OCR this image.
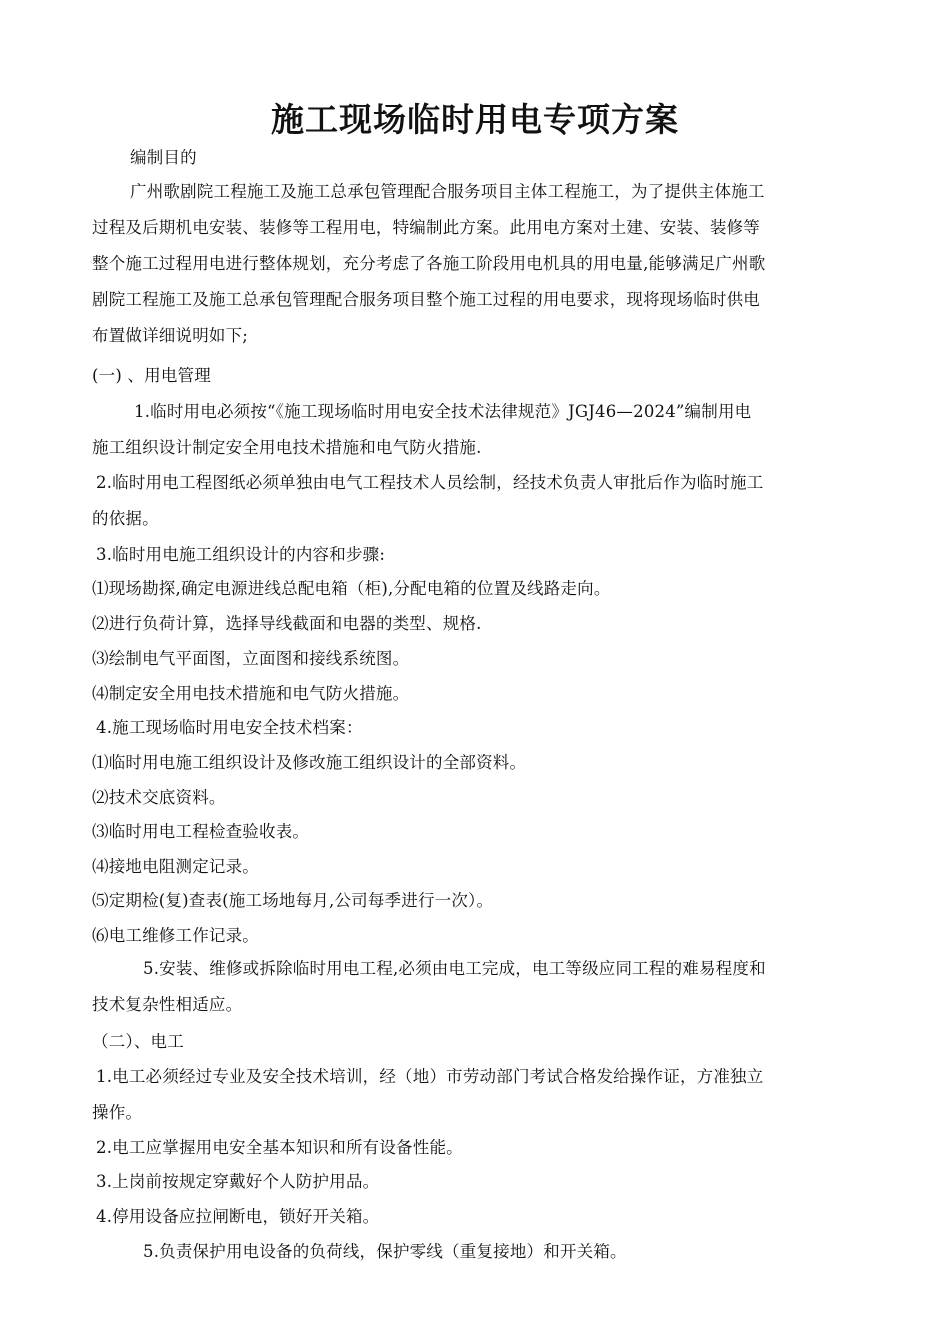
施工现场临时用电专项方案
编制目的
广州歌剧院工程施工及施工总承包管理配合服务项目主体工程施工，为了提供主体施工
过程及后期机电安装、装修等工程用电，特编制此方案。此用电方案对土建、安装、装修等
整个施工过程用电进行整体规划，充分考虑了各施工阶段用电机具的用电量,能够满足广州歌
剧院工程施工及施工总承包管理配合服务项目整个施工过程的用电要求，现将现场临时供电
布置做详细说明如下;
(一) 、用电管理
1.临时用电必须按“《施工现场临时用电安全技术法律规范》JGJ46—2024”编制用电
施工组织设计制定安全用电技术措施和电气防火措施.
2.临时用电工程图纸必须单独由电气工程技术人员绘制，经技术负责人审批后作为临时施工
的依据。
3.临时用电施工组织设计的内容和步骤:
⑴现场勘探,确定电源进线总配电箱（柜),分配电箱的位置及线路走向。
⑵进行负荷计算，选择导线截面和电器的类型、规格.
⑶绘制电气平面图，立面图和接线系统图。
⑷制定安全用电技术措施和电气防火措施。
4.施工现场临时用电安全技术档案：
⑴临时用电施工组织设计及修改施工组织设计的全部资料。
⑵技术交底资料。
⑶临时用电工程检查验收表。
⑷接地电阻测定记录。
⑸定期检(复)查表(施工场地每月,公司每季进行一次）。
⑹电工维修工作记录。
5.安装、维修或拆除临时用电工程,必须由电工完成，电工等级应同工程的难易程度和
技术复杂性相适应。
（二）、电工
1.电工必须经过专业及安全技术培训，经（地）市劳动部门考试合格发给操作证，方准独立
操作。
2.电工应掌握用电安全基本知识和所有设备性能。
3.上岗前按规定穿戴好个人防护用品。
4.停用设备应拉闸断电，锁好开关箱。
5.负责保护用电设备的负荷线，保护零线（重复接地）和开关箱。
